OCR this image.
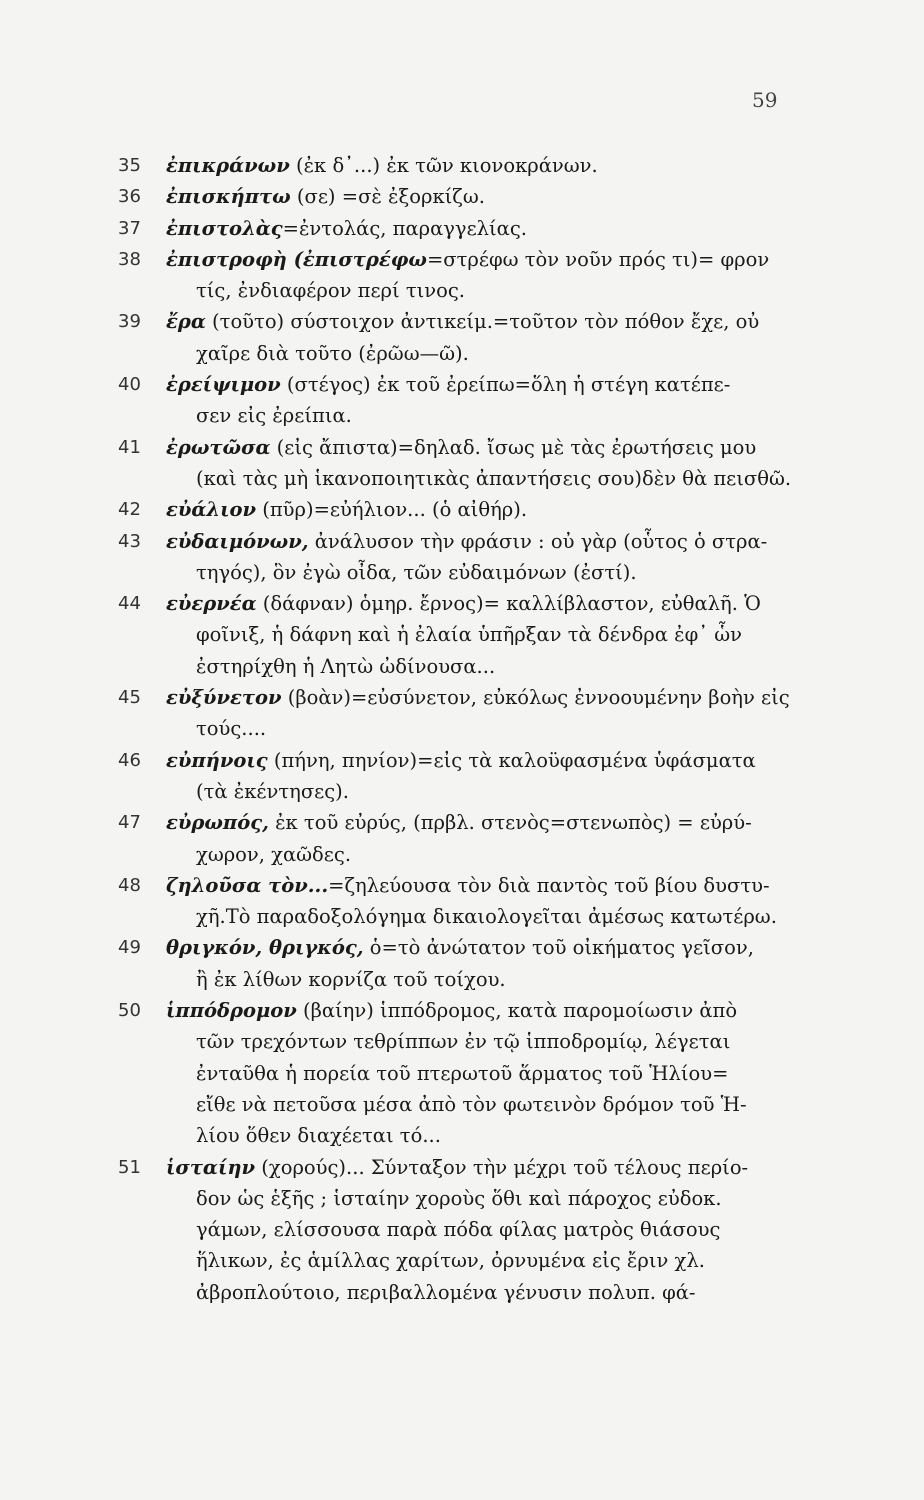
59
35	ἐπικράνων (ἐκ δ᾽...) ἐκ τῶν κιονοκράνων.
36	ἐπισκήπτω (σε) =σὲ ἐξορκίζω.
37	ἐπιστολὰς=ἐντολάς, παραγγελίας.
38	ἐπιστροφὴ (ἐπιστρέφω=στρέφω τὸν νοῦν πρός τι)= φρον
τίς, ἐνδιαφέρον περί τινος.
39	ἔρα (τοῦτο) σύστοιχον ἀντικείμ.=τοῦτον τὸν πόθον ἔχε, οὐ
χαῖρε διὰ τοῦτο (ἐρῶω—ῶ).
40	ἐρείψιμον (στέγος) ἐκ τοῦ ἐρείπω=ὅλη ἡ στέγη κατέπε-
σεν εἰς ἐρείπια.
41	ἐρωτῶσα (εἰς ἄπιστα)=δηλαδ. ἴσως μὲ τὰς ἐρωτήσεις μου
(καὶ τὰς μὴ ἱκανοποιητικὰς ἀπαντήσεις σου)δὲν θὰ πεισθῶ.
42	εὐάλιον (πῦρ)=εὐήλιον... (ὁ αἰθήρ).
43	εὐδαιμόνων, ἀνάλυσον τὴν φράσιν : οὐ γὰρ (οὗτος ὁ στρα-
τηγός), ὃν ἐγὼ οἶδα, τῶν εὐδαιμόνων (ἐστί).
44	εὐερνέα (δάφναν) ὁμηρ. ἔρνος)= καλλίβλαστον, εὐθαλῆ. Ὁ
φοῖνιξ, ἡ δάφνη καὶ ἡ ἐλαία ὑπῆρξαν τὰ δένδρα ἐφ᾽ ὧν
ἐστηρίχθη ἡ Λητὼ ὠδίνουσα...
45	εὐξύνετον (βοὰν)=εὐσύνετον, εὐκόλως ἐννοουμένην βοὴν εἰς
τούς....
46	εὐπήνοις (πήνη, πηνίον)=εἰς τὰ καλοϋφασμένα ὑφάσματα
(τὰ ἐκέντησες).
47	εὐρωπός, ἐκ τοῦ εὐρύς, (πρβλ. στενὸς=στενωπὸς) = εὐρύ-
χωρον, χαῶδες.
48	ζηλοῦσα τὸν...=ζηλεύουσα τὸν διὰ παντὸς τοῦ βίου δυστυ-
χῆ.Τὸ παραδοξολόγημα δικαιολογεῖται ἀμέσως κατωτέρω.
49	θριγκόν, θριγκός, ὁ=τὸ ἀνώτατον τοῦ οἰκήματος γεῖσον,
ἢ ἐκ λίθων κορνίζα τοῦ τοίχου.
50	ἱππόδρομον (βαίην) ἱππόδρομος, κατὰ παρομοίωσιν ἀπὸ
τῶν τρεχόντων τεθρίππων ἐν τῷ ἱπποδρομίῳ, λέγεται
ἐνταῦθα ἡ πορεία τοῦ πτερωτοῦ ἅρματος τοῦ Ἡλίου=
εἴθε νὰ πετοῦσα μέσα ἀπὸ τὸν φωτεινὸν δρόμον τοῦ Ἡ-
λίου ὅθεν διαχέεται τό...
51	ἱσταίην (χορούς)... Σύνταξον τὴν μέχρι τοῦ τέλους περίο-
δον ὡς ἑξῆς ; ἱσταίην χοροὺς ὅθι καὶ πάροχος εὐδοκ.
γάμων, ελίσσουσα παρὰ πόδα φίλας ματρὸς θιάσους
ἥλικων, ἐς ἁμίλλας χαρίτων, ὀρνυμένα εἰς ἔριν χλ.
ἀβροπλούτοιο, περιβαλλομένα γένυσιν πολυπ. φά-
